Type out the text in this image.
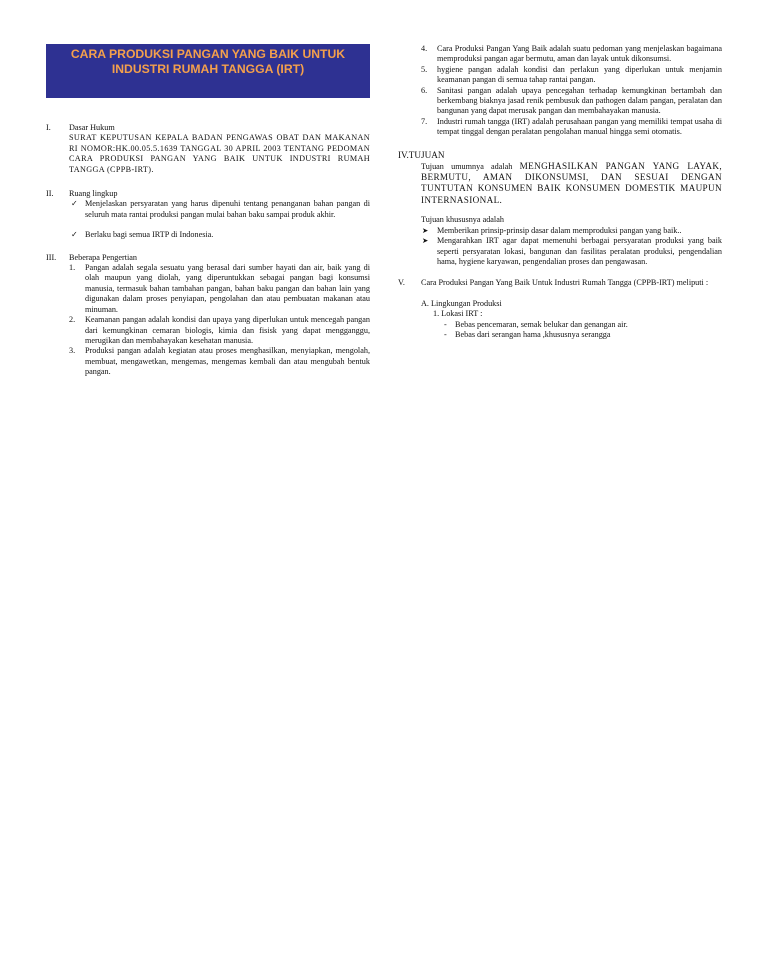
CARA PRODUKSI PANGAN YANG BAIK UNTUK INDUSTRI RUMAH TANGGA (IRT)
I. Dasar Hukum
SURAT KEPUTUSAN KEPALA BADAN PENGAWAS OBAT DAN MAKANAN RI NOMOR:HK.00.05.5.1639 TANGGAL 30 APRIL 2003 TENTANG PEDOMAN CARA PRODUKSI PANGAN YANG BAIK UNTUK INDUSTRI RUMAH TANGGA (CPPB-IRT).
II. Ruang lingkup
✓ Menjelaskan persyaratan yang harus dipenuhi tentang penanganan bahan pangan di seluruh mata rantai produksi pangan mulai bahan baku sampai produk akhir.
✓ Berlaku bagi semua IRTP di Indonesia.
III. Beberapa Pengertian
1. Pangan adalah segala sesuatu yang berasal dari sumber hayati dan air, baik yang di olah maupun yang diolah, yang diperuntukkan sebagai pangan bagi konsumsi manusia, termasuk bahan tambahan pangan, bahan baku pangan dan bahan lain yang digunakan dalam proses penyiapan, pengolahan dan atau pembuatan makanan atau minuman.
2. Keamanan pangan adalah kondisi dan upaya yang diperlukan untuk mencegah pangan dari kemungkinan cemaran biologis, kimia dan fisisk yang dapat mengganggu, merugikan dan membahayakan kesehatan manusia.
3. Produksi pangan adalah kegiatan atau proses menghasilkan, menyiapkan, mengolah, membuat, mengawetkan, mengemas, mengemas kembali dan atau mengubah bentuk pangan.
4. Cara Produksi Pangan Yang Baik adalah suatu pedoman yang menjelaskan bagaimana memproduksi pangan agar bermutu, aman dan layak untuk dikonsumsi.
5. hygiene pangan adalah kondisi dan perlakun yang diperlukan untuk menjamin keamanan pangan di semua tahap rantai pangan.
6. Sanitasi pangan adalah upaya pencegahan terhadap kemungkinan bertambah dan berkembang biaknya jasad renik pembusuk dan pathogen dalam pangan, peralatan dan bangunan yang dapat merusak pangan dan membahayakan manusia.
7. Industri rumah tangga (IRT) adalah perusahaan pangan yang memiliki tempat usaha di tempat tinggal dengan peralatan pengolahan manual hingga semi otomatis.
IV.TUJUAN
Tujuan umumnya adalah MENGHASILKAN PANGAN YANG LAYAK, BERMUTU, AMAN DIKONSUMSI, DAN SESUAI DENGAN TUNTUTAN KONSUMEN BAIK KONSUMEN DOMESTIK MAUPUN INTERNASIONAL.
Tujuan khususnya adalah
➤ Memberikan prinsip-prinsip dasar dalam memproduksi pangan yang baik..
➤ Mengarahkan IRT agar dapat memenuhi berbagai persyaratan produksi yang baik seperti persyaratan lokasi, bangunan dan fasilitas peralatan produksi, pengendalian hama, hygiene karyawan, pengendalian proses dan pengawasan.
V. Cara Produksi Pangan Yang Baik Untuk Industri Rumah Tangga (CPPB-IRT) meliputi :
A. Lingkungan Produksi
1. Lokasi IRT :
- Bebas pencemaran, semak belukar dan genangan air.
- Bebas dari serangan hama ,khususnya serangga
